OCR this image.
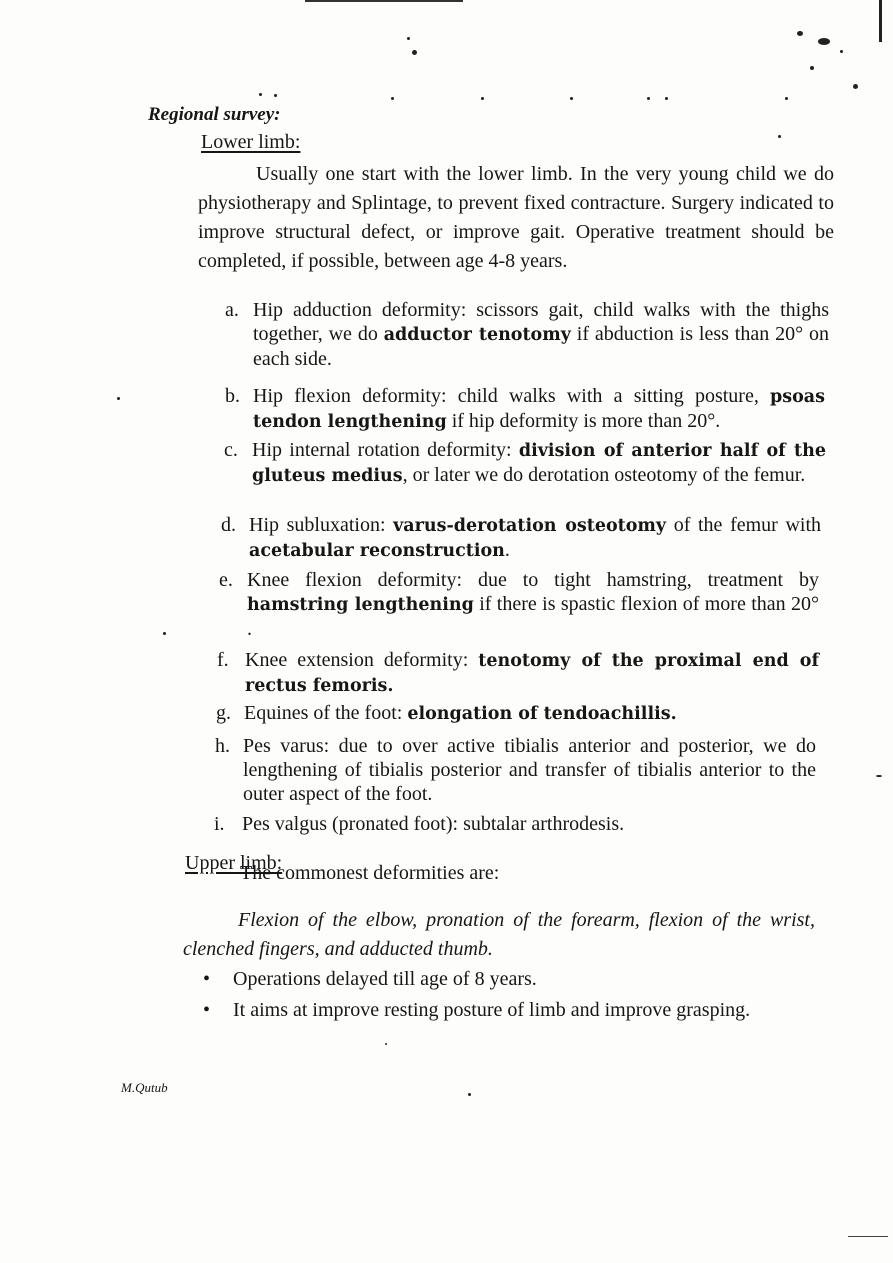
Regional survey:
Lower limb:
Usually one start with the lower limb. In the very young child we do physiotherapy and Splintage, to prevent fixed contracture. Surgery indicated to improve structural defect, or improve gait. Operative treatment should be completed, if possible, between age 4-8 years.
a. Hip adduction deformity: scissors gait, child walks with the thighs together, we do adductor tenotomy if abduction is less than 20° on each side.
b. Hip flexion deformity: child walks with a sitting posture, psoas tendon lengthening if hip deformity is more than 20°.
c. Hip internal rotation deformity: division of anterior half of the gluteus medius, or later we do derotation osteotomy of the femur.
d. Hip subluxation: varus-derotation osteotomy of the femur with acetabular reconstruction.
e. Knee flexion deformity: due to tight hamstring, treatment by hamstring lengthening if there is spastic flexion of more than 20° .
f. Knee extension deformity: tenotomy of the proximal end of rectus femoris.
g. Equines of the foot: elongation of tendoachillis.
h. Pes varus: due to over active tibialis anterior and posterior, we do lengthening of tibialis posterior and transfer of tibialis anterior to the outer aspect of the foot.
i. Pes valgus (pronated foot): subtalar arthrodesis.
Upper limb:
The commonest deformities are:
Flexion of the elbow, pronation of the forearm, flexion of the wrist, clenched fingers, and adducted thumb.
• Operations delayed till age of 8 years.
• It aims at improve resting posture of limb and improve grasping.
M.Qutub
